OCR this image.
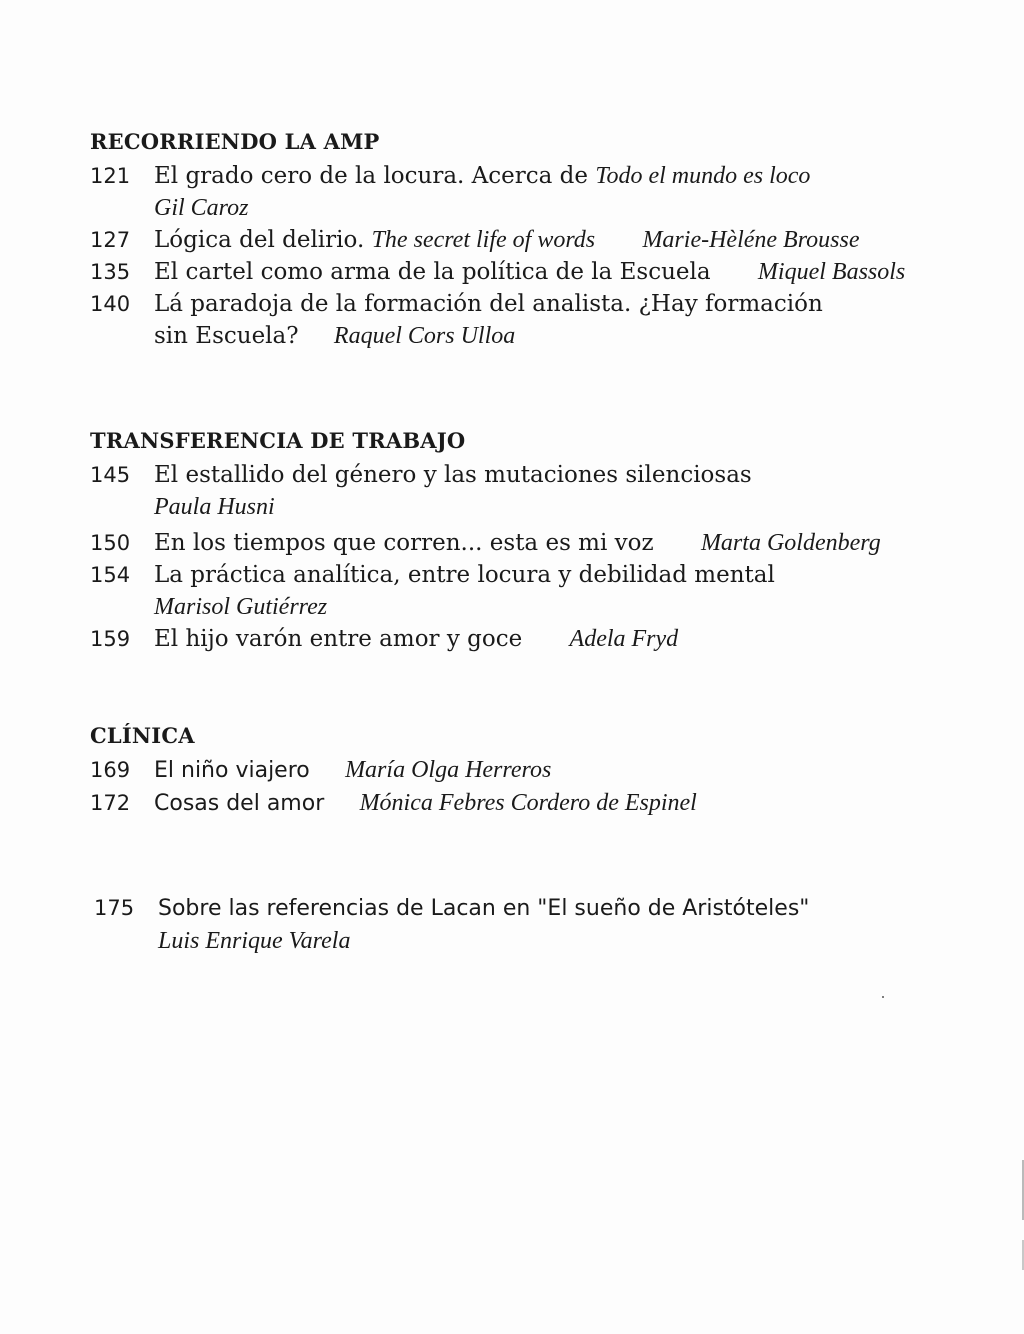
RECORRIENDO LA AMP
121	El grado cero de la locura. Acerca de Todo el mundo es loco
Gil Caroz
127	Lógica del delirio. The secret life of words Marie-Hèléne Brousse
135	El cartel como arma de la política de la Escuela Miquel Bassols
140	Lá paradoja de la formación del analista. ¿Hay formación
sin Escuela? Raquel Cors Ulloa
TRANSFERENCIA DE TRABAJO
145	El estallido del género y las mutaciones silenciosas
Paula Husni
150	En los tiempos que corren... esta es mi voz Marta Goldenberg
154	La práctica analítica, entre locura y debilidad mental
Marisol Gutiérrez
159	El hijo varón entre amor y goce Adela Fryd
CLÍNICA
169	El niño viajero María Olga Herreros
172	Cosas del amor Mónica Febres Cordero de Espinel
175	Sobre las referencias de Lacan en "El sueño de Aristóteles"
Luis Enrique Varela
